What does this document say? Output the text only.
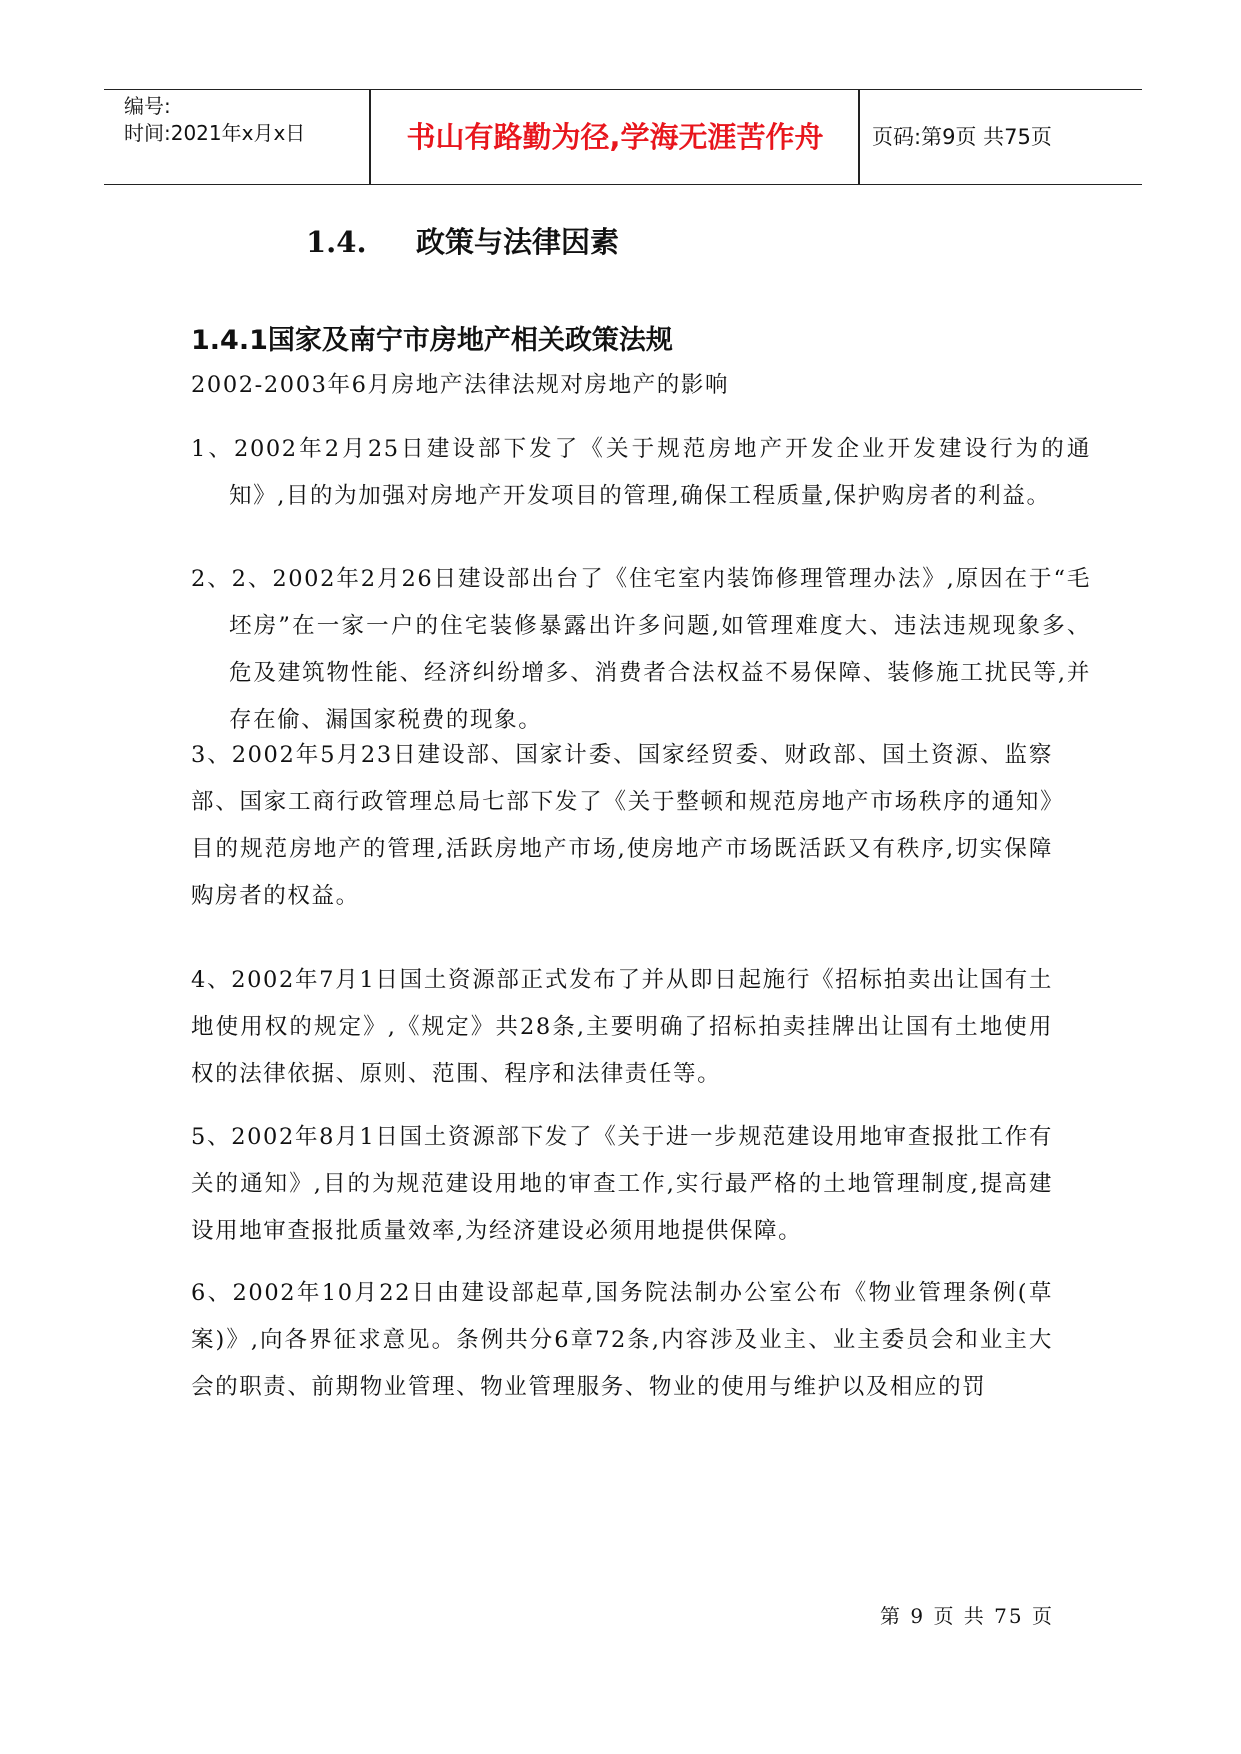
编号:
时间:2021年x月x日	书山有路勤为径,学海无涯苦作舟	页码:第9页 共75页
1.4. 政策与法律因素
1.4.1国家及南宁市房地产相关政策法规
2002-2003年6月房地产法律法规对房地产的影响
1、2002年2月25日建设部下发了《关于规范房地产开发企业开发建设行为的通知》,目的为加强对房地产开发项目的管理,确保工程质量,保护购房者的利益。
2、2、2002年2月26日建设部出台了《住宅室内装饰修理管理办法》,原因在于“毛坯房”在一家一户的住宅装修暴露出许多问题,如管理难度大、违法违规现象多、危及建筑物性能、经济纠纷增多、消费者合法权益不易保障、装修施工扰民等,并存在偷、漏国家税费的现象。
3、2002年5月23日建设部、国家计委、国家经贸委、财政部、国土资源、监察部、国家工商行政管理总局七部下发了《关于整顿和规范房地产市场秩序的通知》目的规范房地产的管理,活跃房地产市场,使房地产市场既活跃又有秩序,切实保障购房者的权益。
4、2002年7月1日国土资源部正式发布了并从即日起施行《招标拍卖出让国有土地使用权的规定》,《规定》共28条,主要明确了招标拍卖挂牌出让国有土地使用权的法律依据、原则、范围、程序和法律责任等。
5、2002年8月1日国土资源部下发了《关于进一步规范建设用地审查报批工作有关的通知》,目的为规范建设用地的审查工作,实行最严格的土地管理制度,提高建设用地审查报批质量效率,为经济建设必须用地提供保障。
6、2002年10月22日由建设部起草,国务院法制办公室公布《物业管理条例(草案)》,向各界征求意见。条例共分6章72条,内容涉及业主、业主委员会和业主大会的职责、前期物业管理、物业管理服务、物业的使用与维护以及相应的罚
第 9 页 共 75 页
